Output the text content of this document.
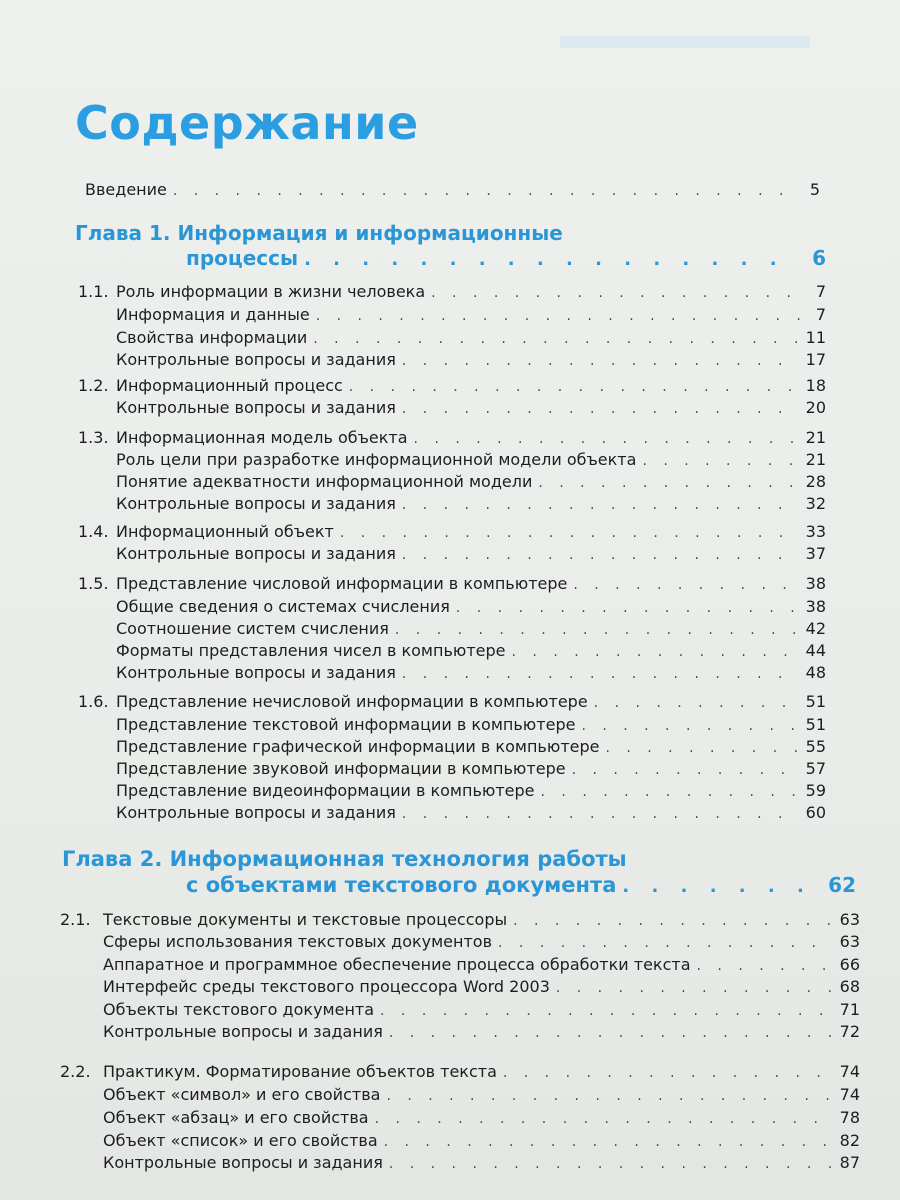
Содержание
Введение . . .	5
Глава 1. Информация и информационные
процессы . . .	6
1.1. Роль информации в жизни человека . . .	7
Информация и данные . . .	7
Свойства информации . . .	11
Контрольные вопросы и задания . . .	17
1.2. Информационный процесс . . .	18
Контрольные вопросы и задания . . .	20
1.3. Информационная модель объекта . . .	21
Роль цели при разработке информационной модели объекта . . .	21
Понятие адекватности информационной модели . . .	28
Контрольные вопросы и задания . . .	32
1.4. Информационный объект . . .	33
Контрольные вопросы и задания . . .	37
1.5. Представление числовой информации в компьютере . . .	38
Общие сведения о системах счисления . . .	38
Соотношение систем счисления . . .	42
Форматы представления чисел в компьютере . . .	44
Контрольные вопросы и задания . . .	48
1.6. Представление нечисловой информации в компьютере . . .	51
Представление текстовой информации в компьютере . . .	51
Представление графической информации в компьютере . . .	55
Представление звуковой информации в компьютере . . .	57
Представление видеоинформации в компьютере . . .	59
Контрольные вопросы и задания . . .	60
Глава 2. Информационная технология работы
с объектами текстового документа . . .	62
2.1. Текстовые документы и текстовые процессоры . . .	63
Сферы использования текстовых документов . . .	63
Аппаратное и программное обеспечение процесса обработки текста . . .	66
Интерфейс среды текстового процессора Word 2003 . . .	68
Объекты текстового документа . . .	71
Контрольные вопросы и задания . . .	72
2.2. Практикум. Форматирование объектов текста . . .	74
Объект «символ» и его свойства . . .	74
Объект «абзац» и его свойства . . .	78
Объект «список» и его свойства . . .	82
Контрольные вопросы и задания . . .	87
